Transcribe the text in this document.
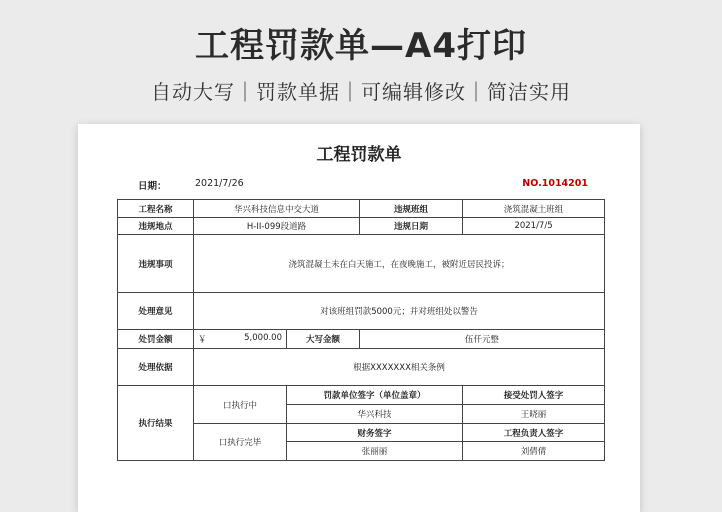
工程罚款单—A4打印
自动大写｜罚款单据｜可编辑修改｜简洁实用
工程罚款单
日期：	2021/7/26	NO.1014201
工程名称	华兴科技信息中交大道		违规班组	浇筑混凝土班组
违规地点	H-II-099段道路		违规日期	2021/7/5
违规事项	浇筑混凝土未在白天施工，在夜晚施工，被附近居民投诉；			
处理意见	对该班组罚款5000元；并对班组处以警告			
处罚金额	￥ 5,000.00	大写金额	伍仟元整	
处理依据	根据XXXXXXX相关条例			
执行结果	口执行中	罚款单位签字（单位盖章）		接受处罚人签字
		华兴科技		王晓丽
	口执行完毕	财务签字		工程负责人签字
		张丽丽		刘倩倩
